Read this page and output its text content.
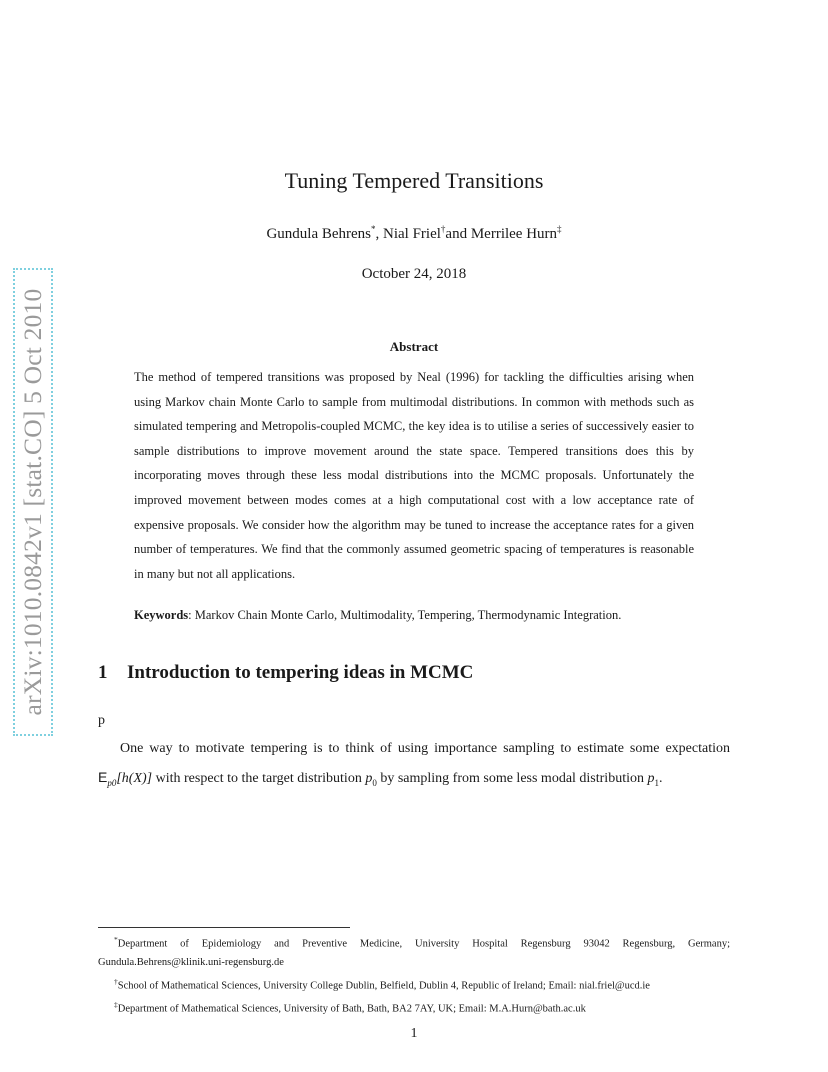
arXiv:1010.0842v1 [stat.CO] 5 Oct 2010
Tuning Tempered Transitions
Gundula Behrens*, Nial Friel†and Merrilee Hurn‡
October 24, 2018
Abstract
The method of tempered transitions was proposed by Neal (1996) for tackling the difficulties arising when using Markov chain Monte Carlo to sample from multimodal distributions. In common with methods such as simulated tempering and Metropolis-coupled MCMC, the key idea is to utilise a series of successively easier to sample distributions to improve movement around the state space. Tempered transitions does this by incorporating moves through these less modal distributions into the MCMC proposals. Unfortunately the improved movement between modes comes at a high computational cost with a low acceptance rate of expensive proposals. We consider how the algorithm may be tuned to increase the acceptance rates for a given number of temperatures. We find that the commonly assumed geometric spacing of temperatures is reasonable in many but not all applications.
Keywords: Markov Chain Monte Carlo, Multimodality, Tempering, Thermodynamic Integration.
1 Introduction to tempering ideas in MCMC

p

One way to motivate tempering is to think of using importance sampling to estimate some expectation $E_{p0}[h(X)]$ with respect to the target distribution $p_0$ by sampling from some less modal distribution $p_1$.

*Department of Epidemiology and Preventive Medicine, University Hospital Regensburg 93042 Regensburg, Germany; Gundula.Behrens@klinik.uni-regensburg.de

†School of Mathematical Sciences, University College Dublin, Belfield, Dublin 4, Republic of Ireland; Email: nial.friel@ucd.ie

‡Department of Mathematical Sciences, University of Bath, Bath, BA2 7AY, UK; Email: M.A.Hurn@bath.ac.uk

1
